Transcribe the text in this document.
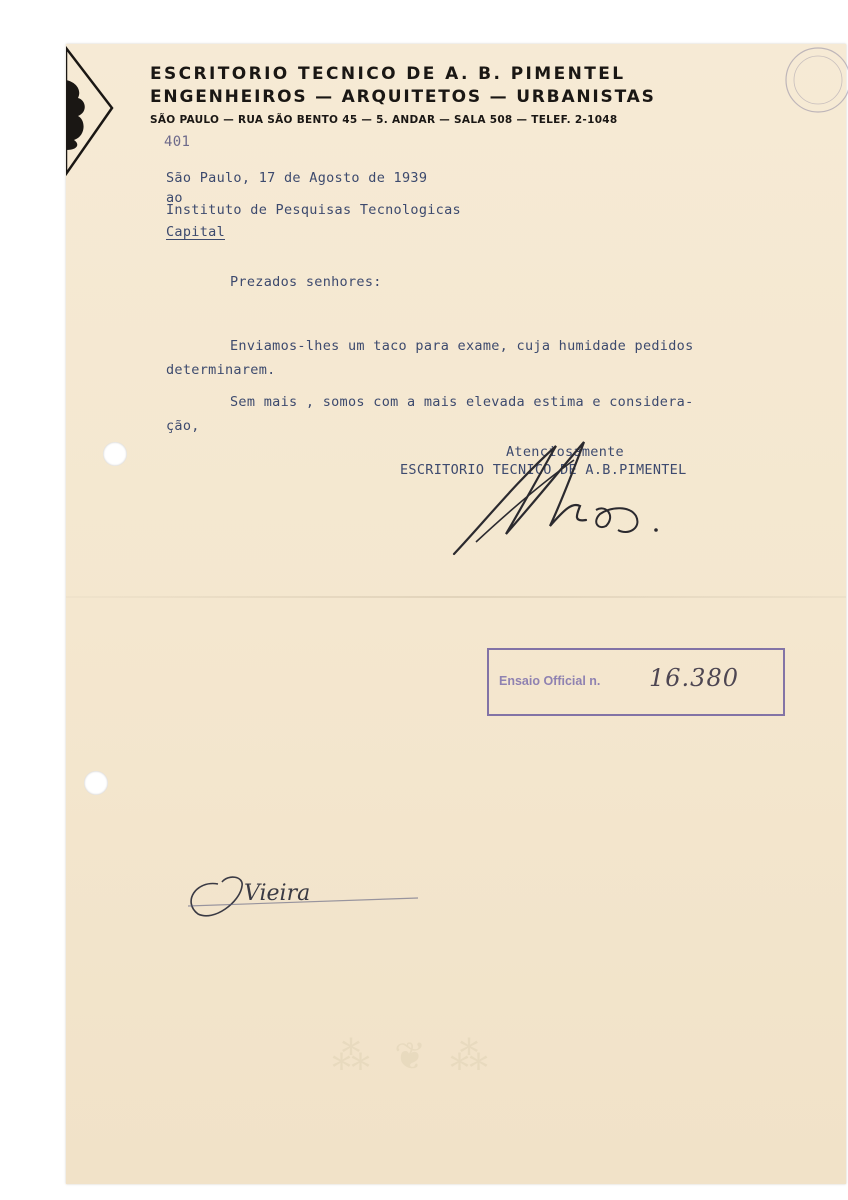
ESCRITORIO TECNICO DE A. B. PIMENTEL
ENGENHEIROS — ARQUITETOS — URBANISTAS
SÃO PAULO — RUA SÃO BENTO 45 — 5. ANDAR — SALA 508 — TELEF. 2-1048
401
São Paulo, 17 de Agosto de 1939
ao
Instituto de Pesquisas Tecnologicas
Capital
Prezados senhores:
Enviamos-lhes um taco para exame, cuja humidade pedidos
determinarem.
Sem mais , somos com a mais elevada estima e considera-
ção,
Atenciosamente
ESCRITORIO TECNICO DE A.B.PIMENTEL
Ensaio Official n. 16.380
Vieira
⁂ ❦ ⁂
